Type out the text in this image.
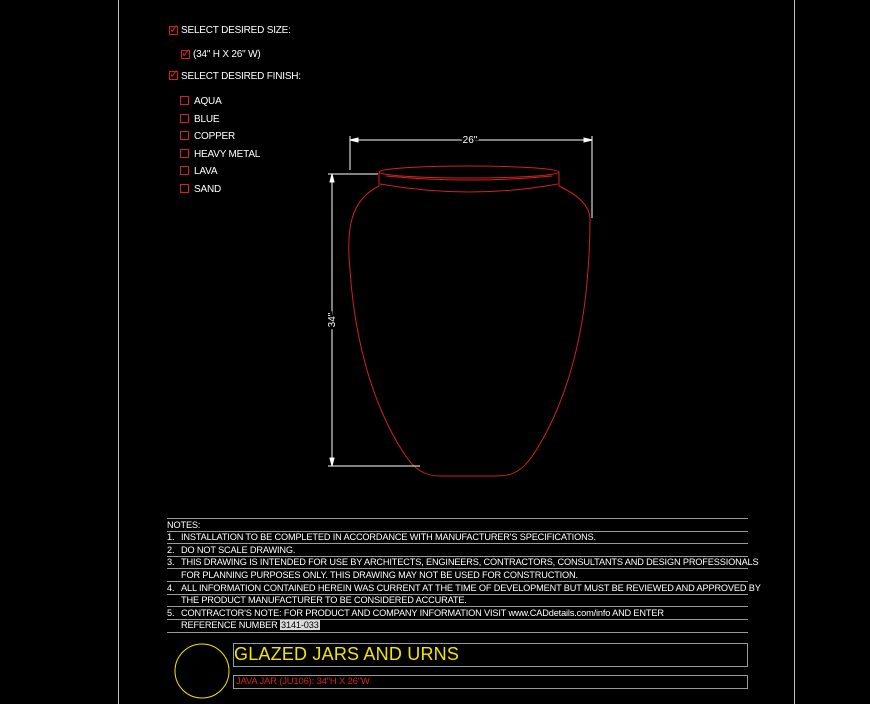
✓ SELECT DESIRED SIZE:
✓ (34" H X 26" W)
✓ SELECT DESIRED FINISH:
AQUA
BLUE
COPPER
HEAVY METAL
LAVA
SAND
26"
34"
NOTES:
1. INSTALLATION TO BE COMPLETED IN ACCORDANCE WITH MANUFACTURER'S SPECIFICATIONS.
2. DO NOT SCALE DRAWING.
3. THIS DRAWING IS INTENDED FOR USE BY ARCHITECTS, ENGINEERS, CONTRACTORS, CONSULTANTS AND DESIGN PROFESSIONALS
FOR PLANNING PURPOSES ONLY. THIS DRAWING MAY NOT BE USED FOR CONSTRUCTION.
4. ALL INFORMATION CONTAINED HEREIN WAS CURRENT AT THE TIME OF DEVELOPMENT BUT MUST BE REVIEWED AND APPROVED BY
THE PRODUCT MANUFACTURER TO BE CONSIDERED ACCURATE.
5. CONTRACTOR'S NOTE: FOR PRODUCT AND COMPANY INFORMATION VISIT www.CADdetails.com/info AND ENTER
REFERENCE NUMBER 3141-033
GLAZED JARS AND URNS
JAVA JAR (JU106): 34"H X 26"W
